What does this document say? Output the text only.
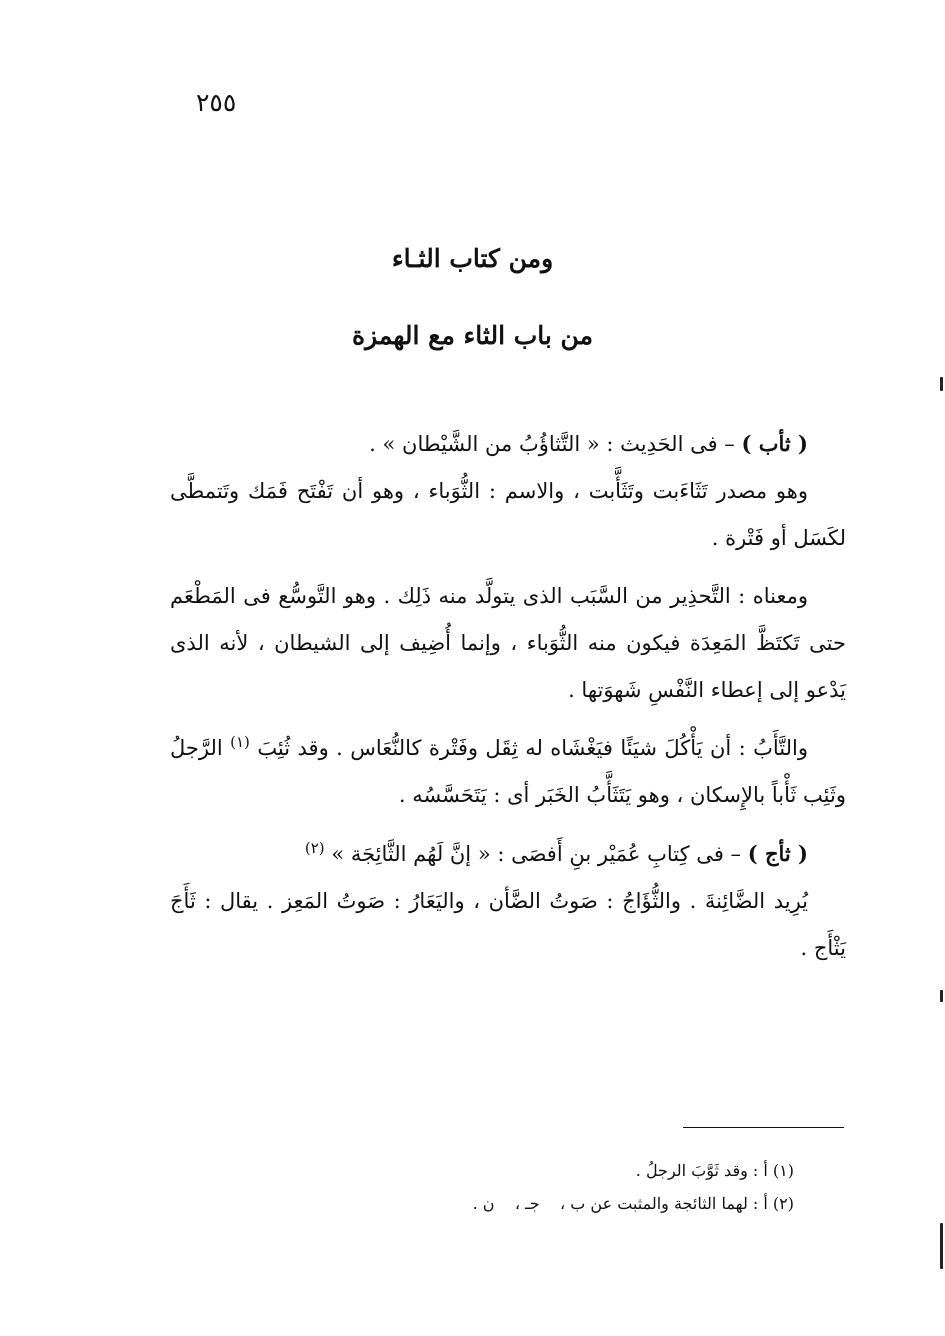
٢٥٥
ومن كتاب الثـاء
من باب الثاء مع الهمزة

( ثأب ) – فى الحَدِيث : « التَّثاؤُبُ من الشَّيْطان » .

وهو مصدر تَثَاءَبت وتَثَأَّبت ، والاسم : الثُّوَباء ، وهو أن تَفْتَح فَمَك وتَتمطَّى لكَسَل أو فَتْرة .

ومعناه : التَّحذِير من السَّبَب الذى يتولَّد منه ذَلِك . وهو التَّوسُّع فى المَطْعَم حتى تَكتَظَّ المَعِدَة فيكون منه الثُّوَباء ، وإنما أُضِيف إلى الشيطان ، لأنه الذى يَدْعو إلى إعطاء النَّفْسِ شَهوَتها .

والتَّأَبُ : أن يَأْكُلَ شيَئًا فيَغْشَاه له ثِقَل وفَتْرة كالنُّعَاس . وقد ثُئِبَ $^{(١)}$ الرَّجلُ وثَئِب ثَأْباً بالإِسكان ، وهو يَتَثَأَّبُ الخَبَر أى : يَتَحَسَّسُه .

( ثأج ) – فى كِتابِ عُمَيْر بنِ أَفصَى : « إنَّ لَهُم الثَّائِجَة » $^{(٢)}$

يُرِيد الضَّائِنةَ . والثُّؤَاجُ : صَوتُ الضَّأن ، واليَعَارُ : صَوتُ المَعِز . يقال : ثَأَجَ يَثْأَج .

(١) أ : وقد ثَوَّبَ الرجلُ .

(٢) أ : لهما الثائجة والمثبت عن ب ،    جـ ،    ن .
